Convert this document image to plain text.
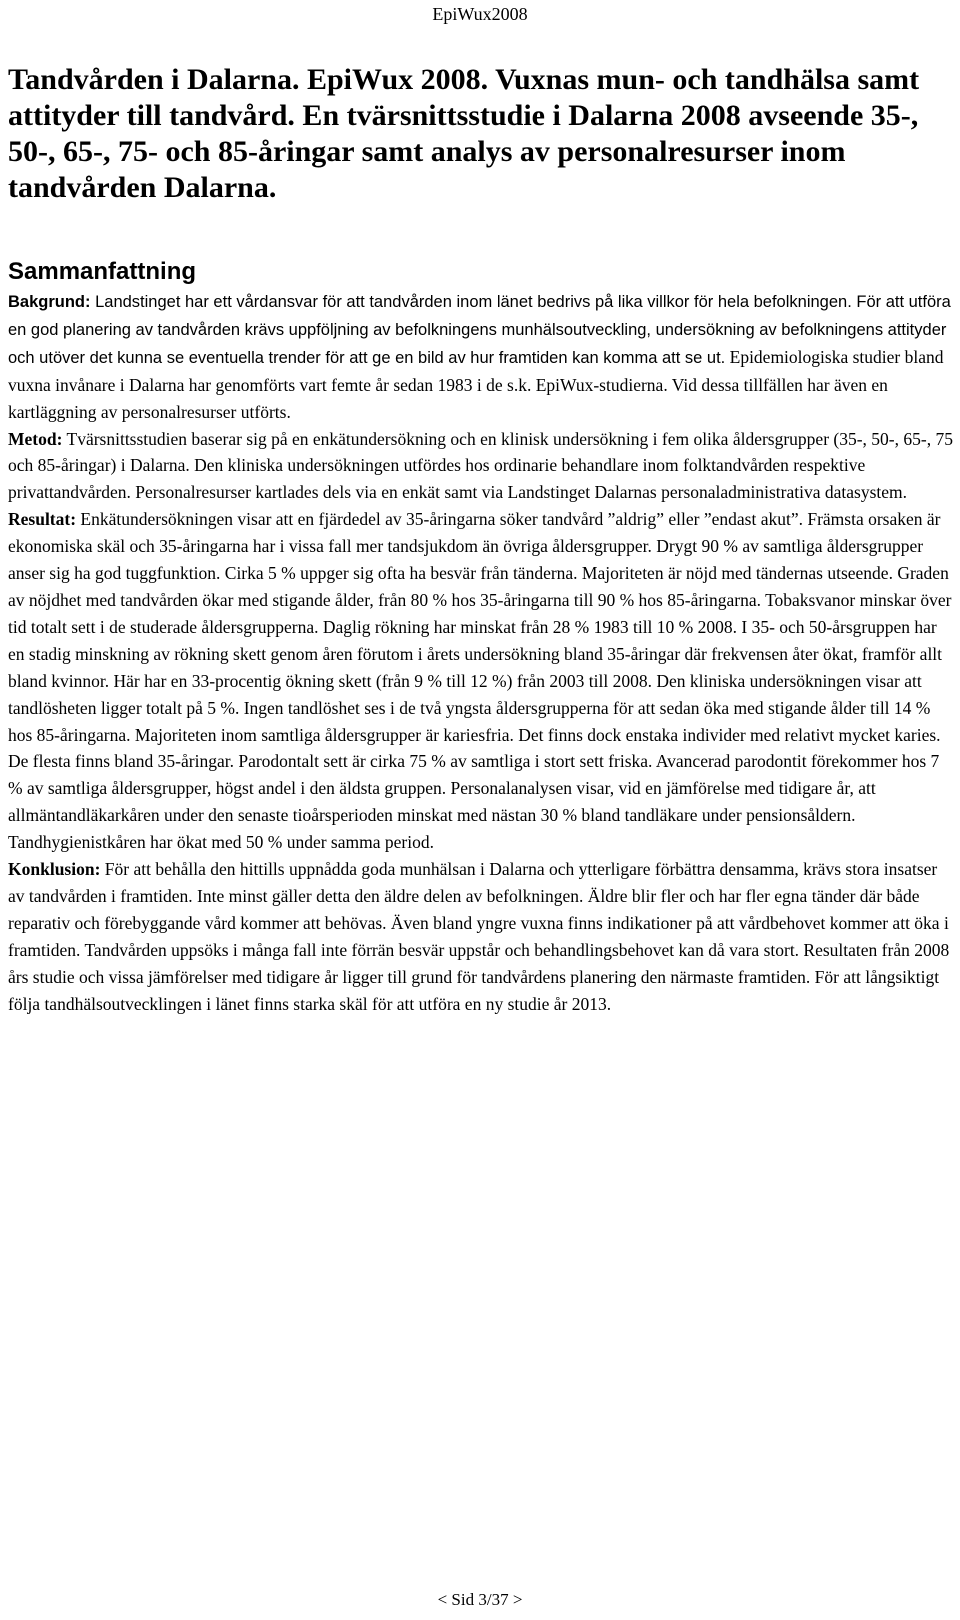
EpiWux2008
Tandvården i Dalarna. EpiWux 2008. Vuxnas mun- och tandhälsa samt attityder till tandvård. En tvärsnittsstudie i Dalarna 2008 avseende 35-, 50-, 65-, 75- och 85-åringar samt analys av personalresurser inom tandvården Dalarna.
Sammanfattning

Bakgrund: Landstinget har ett vårdansvar för att tandvården inom länet bedrivs på lika villkor för hela befolkningen. För att utföra en god planering av tandvården krävs uppföljning av befolkningens munhälsoutveckling, undersökning av befolkningens attityder och utöver det kunna se eventuella trender för att ge en bild av hur framtiden kan komma att se ut. Epidemiologiska studier bland vuxna invånare i Dalarna har genomförts vart femte år sedan 1983 i de s.k. EpiWux-studierna. Vid dessa tillfällen har även en kartläggning av personalresurser utförts.

Metod: Tvärsnittsstudien baserar sig på en enkätundersökning och en klinisk undersökning i fem olika åldersgrupper (35-, 50-, 65-, 75 och 85-åringar) i Dalarna. Den kliniska undersökningen utfördes hos ordinarie behandlare inom folktandvården respektive privattandvården. Personalresurser kartlades dels via en enkät samt via Landstinget Dalarnas personaladministrativa datasystem.

Resultat: Enkätundersökningen visar att en fjärdedel av 35-åringarna söker tandvård ”aldrig” eller ”endast akut”. Främsta orsaken är ekonomiska skäl och 35-åringarna har i vissa fall mer tandsjukdom än övriga åldersgrupper. Drygt 90 % av samtliga åldersgrupper anser sig ha god tuggfunktion. Cirka 5 % uppger sig ofta ha besvär från tänderna. Majoriteten är nöjd med tändernas utseende. Graden av nöjdhet med tandvården ökar med stigande ålder, från 80 % hos 35-åringarna till 90 % hos 85-åringarna. Tobaksvanor minskar över tid totalt sett i de studerade åldersgrupperna. Daglig rökning har minskat från 28 % 1983 till 10 % 2008. I 35- och 50-årsgruppen har en stadig minskning av rökning skett genom åren förutom i årets undersökning bland 35-åringar där frekvensen åter ökat, framför allt bland kvinnor. Här har en 33-procentig ökning skett (från 9 % till 12 %) från 2003 till 2008. Den kliniska undersökningen visar att tandlösheten ligger totalt på 5 %. Ingen tandlöshet ses i de två yngsta åldersgrupperna för att sedan öka med stigande ålder till 14 % hos 85-åringarna. Majoriteten inom samtliga åldersgrupper är kariesfria. Det finns dock enstaka individer med relativt mycket karies. De flesta finns bland 35-åringar. Parodontalt sett är cirka 75 % av samtliga i stort sett friska. Avancerad parodontit förekommer hos 7 % av samtliga åldersgrupper, högst andel i den äldsta gruppen. Personalanalysen visar, vid en jämförelse med tidigare år, att allmäntandläkarkåren under den senaste tioårsperioden minskat med nästan 30 % bland tandläkare under pensionsåldern. Tandhygienistkåren har ökat med 50 % under samma period.

Konklusion: För att behålla den hittills uppnådda goda munhälsan i Dalarna och ytterligare förbättra densamma, krävs stora insatser av tandvården i framtiden. Inte minst gäller detta den äldre delen av befolkningen. Äldre blir fler och har fler egna tänder där både reparativ och förebyggande vård kommer att behövas. Även bland yngre vuxna finns indikationer på att vårdbehovet kommer att öka i framtiden. Tandvården uppsöks i många fall inte förrän besvär uppstår och behandlingsbehovet kan då vara stort. Resultaten från 2008 års studie och vissa jämförelser med tidigare år ligger till grund för tandvårdens planering den närmaste framtiden. För att långsiktigt följa tandhälsoutvecklingen i länet finns starka skäl för att utföra en ny studie år 2013.

< Sid 3/37 >
